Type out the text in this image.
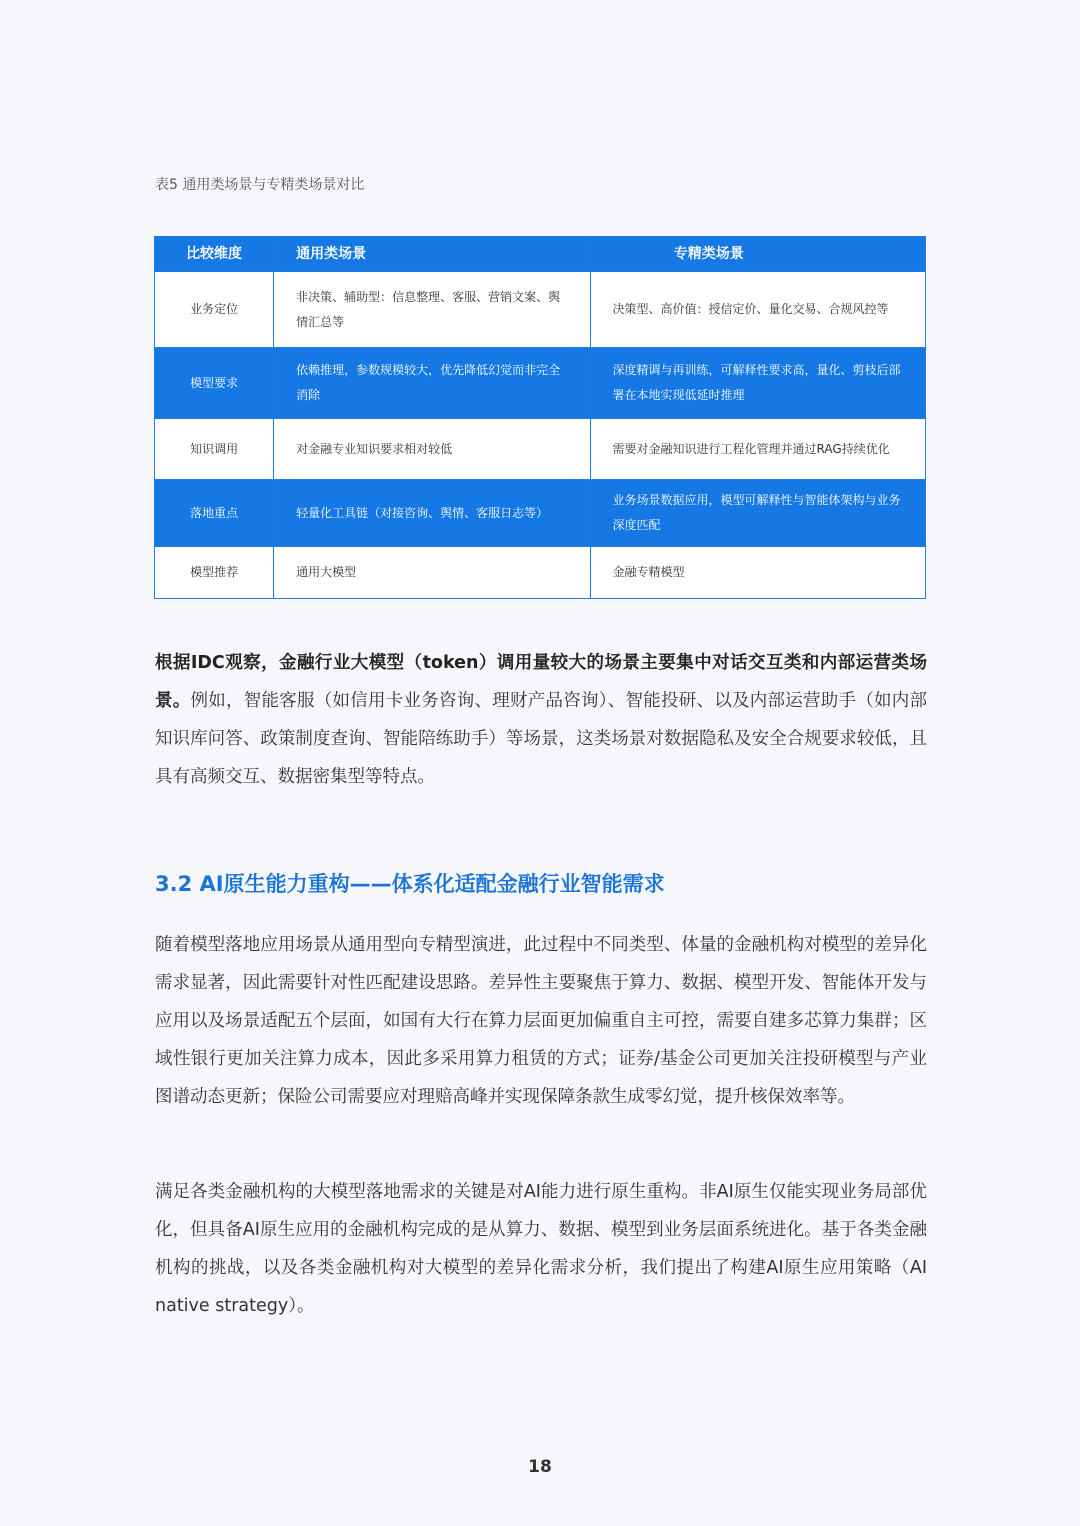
表5 通用类场景与专精类场景对比
比较维度	通用类场景	专精类场景
业务定位	非决策、辅助型：信息整理、客服、营销文案、舆情汇总等	决策型、高价值：授信定价、量化交易、合规风控等
模型要求	依赖推理，参数规模较大，优先降低幻觉而非完全消除	深度精调与再训练，可解释性要求高，量化、剪枝后部署在本地实现低延时推理
知识调用	对金融专业知识要求相对较低	需要对金融知识进行工程化管理并通过RAG持续优化
落地重点	轻量化工具链（对接咨询、舆情、客服日志等）	业务场景数据应用，模型可解释性与智能体架构与业务深度匹配
模型推荐	通用大模型	金融专精模型

根据IDC观察，金融行业大模型（token）调用量较大的场景主要集中对话交互类和内部运营类场景。例如，智能客服（如信用卡业务咨询、理财产品咨询）、智能投研、以及内部运营助手（如内部知识库问答、政策制度查询、智能陪练助手）等场景，这类场景对数据隐私及安全合规要求较低，且具有高频交互、数据密集型等特点。

3.2 AI原生能力重构——体系化适配金融行业智能需求

随着模型落地应用场景从通用型向专精型演进，此过程中不同类型、体量的金融机构对模型的差异化需求显著，因此需要针对性匹配建设思路。差异性主要聚焦于算力、数据、模型开发、智能体开发与应用以及场景适配五个层面，如国有大行在算力层面更加偏重自主可控，需要自建多芯算力集群；区域性银行更加关注算力成本，因此多采用算力租赁的方式；证券/基金公司更加关注投研模型与产业图谱动态更新；保险公司需要应对理赔高峰并实现保障条款生成零幻觉，提升核保效率等。

满足各类金融机构的大模型落地需求的关键是对AI能力进行原生重构。非AI原生仅能实现业务局部优化，但具备AI原生应用的金融机构完成的是从算力、数据、模型到业务层面系统进化。基于各类金融机构的挑战，以及各类金融机构对大模型的差异化需求分析，我们提出了构建AI原生应用策略（AI native strategy）。

18
